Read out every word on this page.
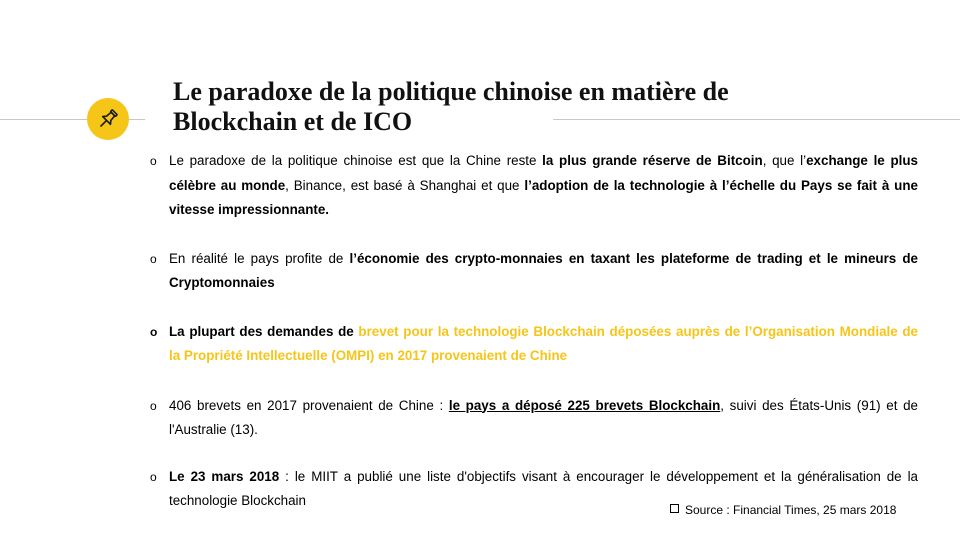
Le paradoxe de la politique chinoise en matière de Blockchain et de ICO
o Le paradoxe de la politique chinoise est que la Chine reste la plus grande réserve de Bitcoin, que l’exchange le plus célèbre au monde, Binance, est basé à Shanghai et que l’adoption de la technologie à l’échelle du Pays se fait à une vitesse impressionnante.
o En réalité le pays profite de l’économie des crypto-monnaies en taxant les plateforme de trading et le mineurs de Cryptomonnaies
o La plupart des demandes de brevet pour la technologie Blockchain déposées auprès de l’Organisation Mondiale de la Propriété Intellectuelle (OMPI) en 2017 provenaient de Chine
o 406 brevets en 2017 provenaient de Chine : le pays a déposé 225 brevets Blockchain, suivi des États-Unis (91) et de l'Australie (13).
o Le 23 mars 2018 : le MIIT a publié une liste d'objectifs visant à encourager le développement et la généralisation de la technologie Blockchain
Source : Financial Times, 25 mars 2018
